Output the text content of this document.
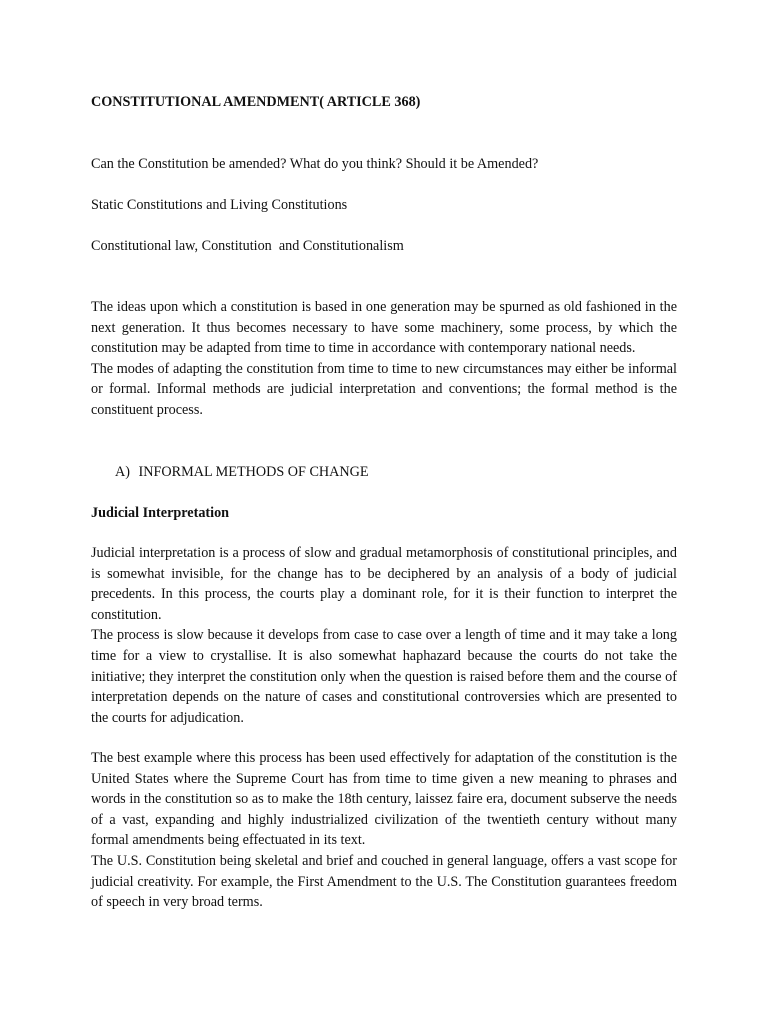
CONSTITUTIONAL AMENDMENT( ARTICLE 368)
Can the Constitution be amended? What do you think? Should it be Amended?
Static Constitutions and Living Constitutions
Constitutional law, Constitution  and Constitutionalism

The ideas upon which a constitution is based in one generation may be spurned as old fashioned in the next generation. It thus becomes necessary to have some machinery, some process, by which the constitution may be adapted from time to time in accordance with contemporary national needs.

The modes of adapting the constitution from time to time to new circumstances may either be informal or formal. Informal methods are judicial interpretation and conventions; the formal method is the constituent process.

A) INFORMAL METHODS OF CHANGE
Judicial Interpretation

Judicial interpretation is a process of slow and gradual metamorphosis of constitutional principles, and is somewhat invisible, for the change has to be deciphered by an analysis of a body of judicial precedents. In this process, the courts play a dominant role, for it is their function to interpret the constitution.

The process is slow because it develops from case to case over a length of time and it may take a long time for a view to crystallise. It is also somewhat haphazard because the courts do not take the initiative; they interpret the constitution only when the question is raised before them and the course of interpretation depends on the nature of cases and constitutional controversies which are presented to the courts for adjudication.

The best example where this process has been used effectively for adaptation of the constitution is the United States where the Supreme Court has from time to time given a new meaning to phrases and words in the constitution so as to make the 18th century, laissez faire era, document subserve the needs of a vast, expanding and highly industrialized civilization of the twentieth century without many formal amendments being effectuated in its text.

The U.S. Constitution being skeletal and brief and couched in general language, offers a vast scope for judicial creativity. For example, the First Amendment to the U.S. The Constitution guarantees freedom of speech in very broad terms.
